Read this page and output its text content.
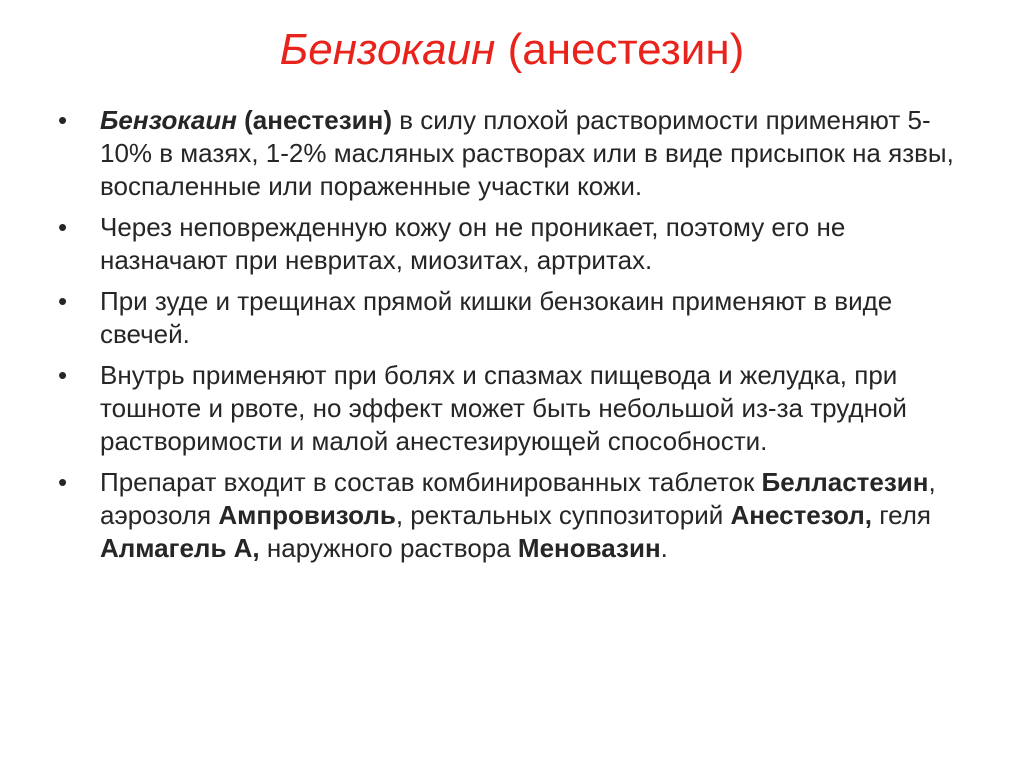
Бензокаин (анестезин)
•	Бензокаин (анестезин) в силу плохой растворимости применяют 5-10% в мазях, 1-2% масляных растворах или в виде присыпок на язвы, воспаленные или пораженные участки кожи.
•	Через неповрежденную кожу он не проникает, поэтому его не назначают при невритах, миозитах, артритах.
•	При зуде и трещинах прямой кишки бензокаин применяют в виде свечей.
•	Внутрь применяют при болях и спазмах пищевода и желудка, при тошноте и рвоте, но эффект может быть небольшой из-за трудной растворимости и малой анестезирующей способности.
•	Препарат входит в состав комбинированных таблеток Белластезин, аэрозоля Ампровизоль, ректальных суппозиторий Анестезол, геля Алмагель А, наружного раствора Меновазин.
